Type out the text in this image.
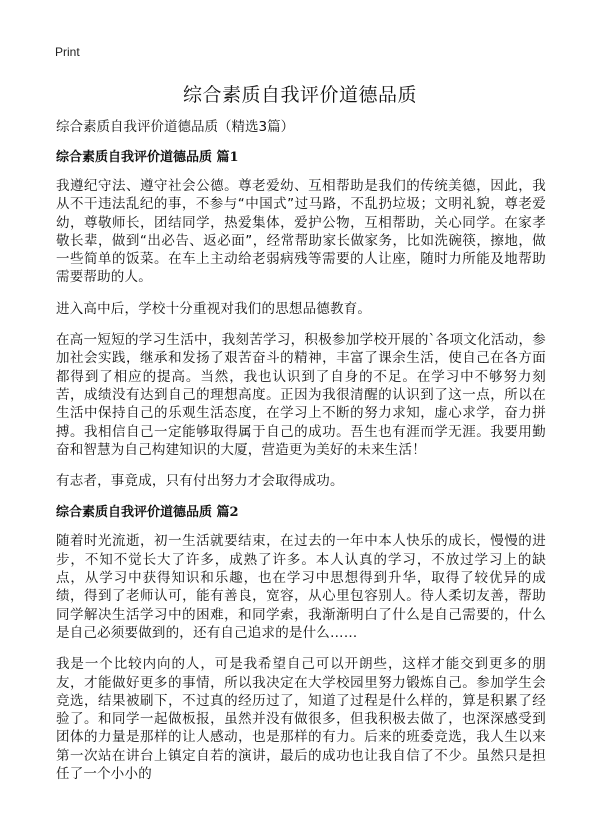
Print
综合素质自我评价道德品质

综合素质自我评价道德品质（精选3篇）

综合素质自我评价道德品质 篇1

我遵纪守法、遵守社会公德。尊老爱幼、互相帮助是我们的传统美德，因此，我从不干违法乱纪的事，不参与“中国式”过马路，不乱扔垃圾；文明礼貌，尊老爱幼，尊敬师长，团结同学，热爱集体，爱护公物，互相帮助，关心同学。在家孝敬长辈，做到“出必告、返必面”，经常帮助家长做家务，比如洗碗筷，擦地，做一些简单的饭菜。在车上主动给老弱病残等需要的人让座，随时力所能及地帮助需要帮助的人。

进入高中后，学校十分重视对我们的思想品德教育。

在高一短短的学习生活中，我刻苦学习，积极参加学校开展的`各项文化活动，参加社会实践，继承和发扬了艰苦奋斗的精神，丰富了课余生活，使自己在各方面都得到了相应的提高。当然，我也认识到了自身的不足。在学习中不够努力刻苦，成绩没有达到自己的理想高度。正因为我很清醒的认识到了这一点，所以在生活中保持自己的乐观生活态度，在学习上不断的努力求知，虚心求学，奋力拼搏。我相信自己一定能够取得属于自己的成功。吾生也有涯而学无涯。我要用勤奋和智慧为自己构建知识的大厦，营造更为美好的未来生活！

有志者，事竟成，只有付出努力才会取得成功。

综合素质自我评价道德品质 篇2

随着时光流逝，初一生活就要结束，在过去的一年中本人快乐的成长，慢慢的进步，不知不觉长大了许多，成熟了许多。本人认真的学习，不放过学习上的缺点，从学习中获得知识和乐趣，也在学习中思想得到升华，取得了较优异的成绩，得到了老师认可，能有善良，宽容，从心里包容别人。待人柔切友善，帮助同学解决生活学习中的困难，和同学索，我渐渐明白了什么是自己需要的，什么是自己必须要做到的，还有自己追求的是什么……

我是一个比较内向的人，可是我希望自己可以开朗些，这样才能交到更多的朋友，才能做好更多的事情，所以我决定在大学校园里努力锻炼自己。参加学生会竞选，结果被刷下，不过真的经历过了，知道了过程是什么样的，算是积累了经验了。和同学一起做板报，虽然并没有做很多，但我积极去做了，也深深感受到团体的力量是那样的让人感动，也是那样的有力。后来的班委竞选，我人生以来第一次站在讲台上镇定自若的演讲，最后的成功也让我自信了不少。虽然只是担任了一个小小的
